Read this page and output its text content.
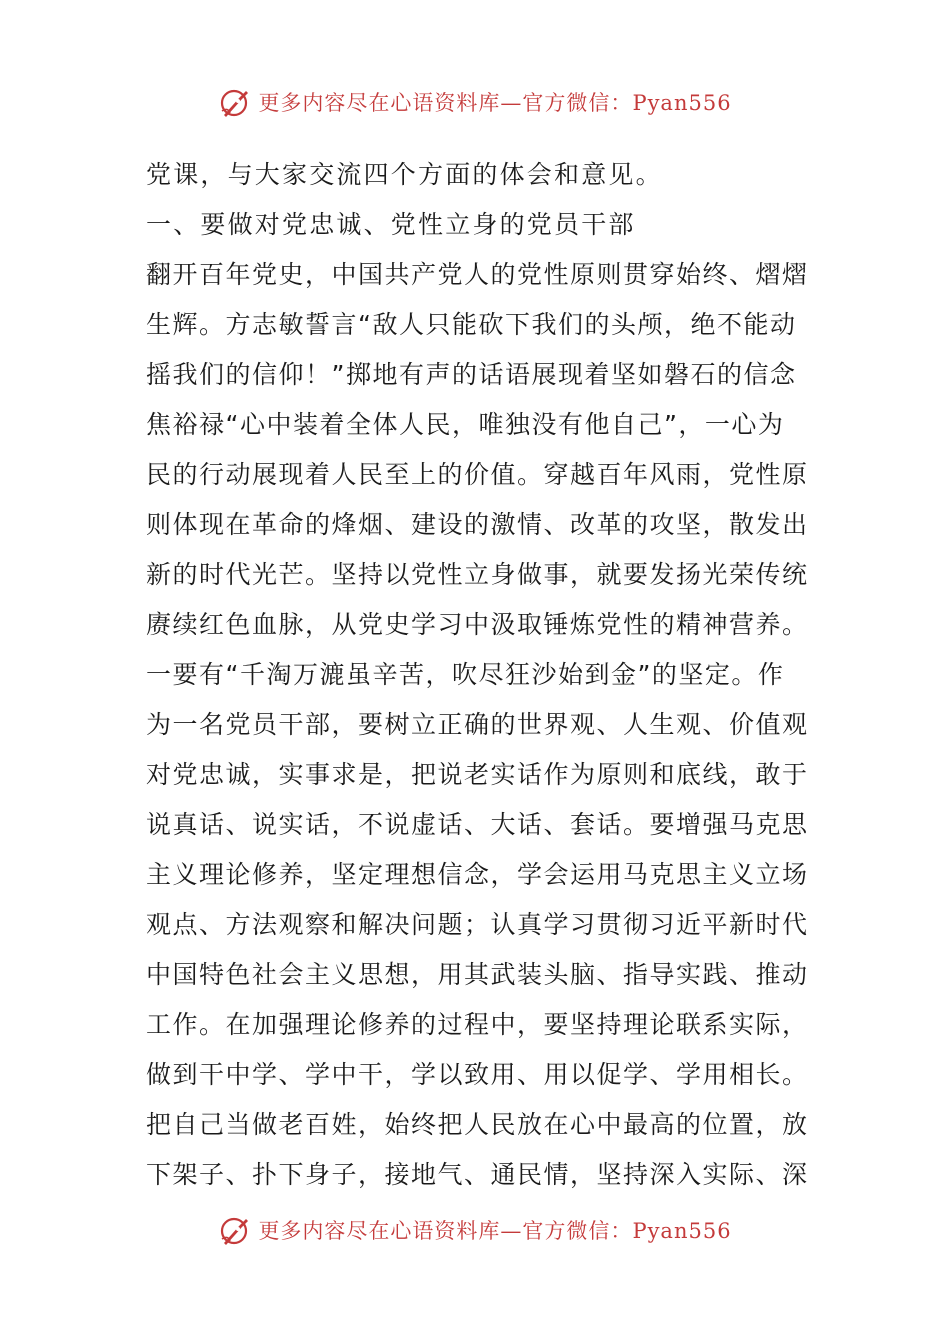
更多内容尽在心语资料库—官方微信：Pyan556
党课，与大家交流四个方面的体会和意见。
一、要做对党忠诚、党性立身的党员干部
翻开百年党史，中国共产党人的党性原则贯穿始终、熠熠
生辉。方志敏誓言“敌人只能砍下我们的头颅，绝不能动
摇我们的信仰！”掷地有声的话语展现着坚如磐石的信念
焦裕禄“心中装着全体人民，唯独没有他自己”，一心为
民的行动展现着人民至上的价值。穿越百年风雨，党性原
则体现在革命的烽烟、建设的激情、改革的攻坚，散发出
新的时代光芒。坚持以党性立身做事，就要发扬光荣传统
赓续红色血脉，从党史学习中汲取锤炼党性的精神营养。
一要有“千淘万漉虽辛苦，吹尽狂沙始到金”的坚定。作
为一名党员干部，要树立正确的世界观、人生观、价值观
对党忠诚，实事求是，把说老实话作为原则和底线，敢于
说真话、说实话，不说虚话、大话、套话。要增强马克思
主义理论修养，坚定理想信念，学会运用马克思主义立场
观点、方法观察和解决问题；认真学习贯彻习近平新时代
中国特色社会主义思想，用其武装头脑、指导实践、推动
工作。在加强理论修养的过程中，要坚持理论联系实际，
做到干中学、学中干，学以致用、用以促学、学用相长。
把自己当做老百姓，始终把人民放在心中最高的位置，放
下架子、扑下身子，接地气、通民情，坚持深入实际、深
更多内容尽在心语资料库—官方微信：Pyan556
